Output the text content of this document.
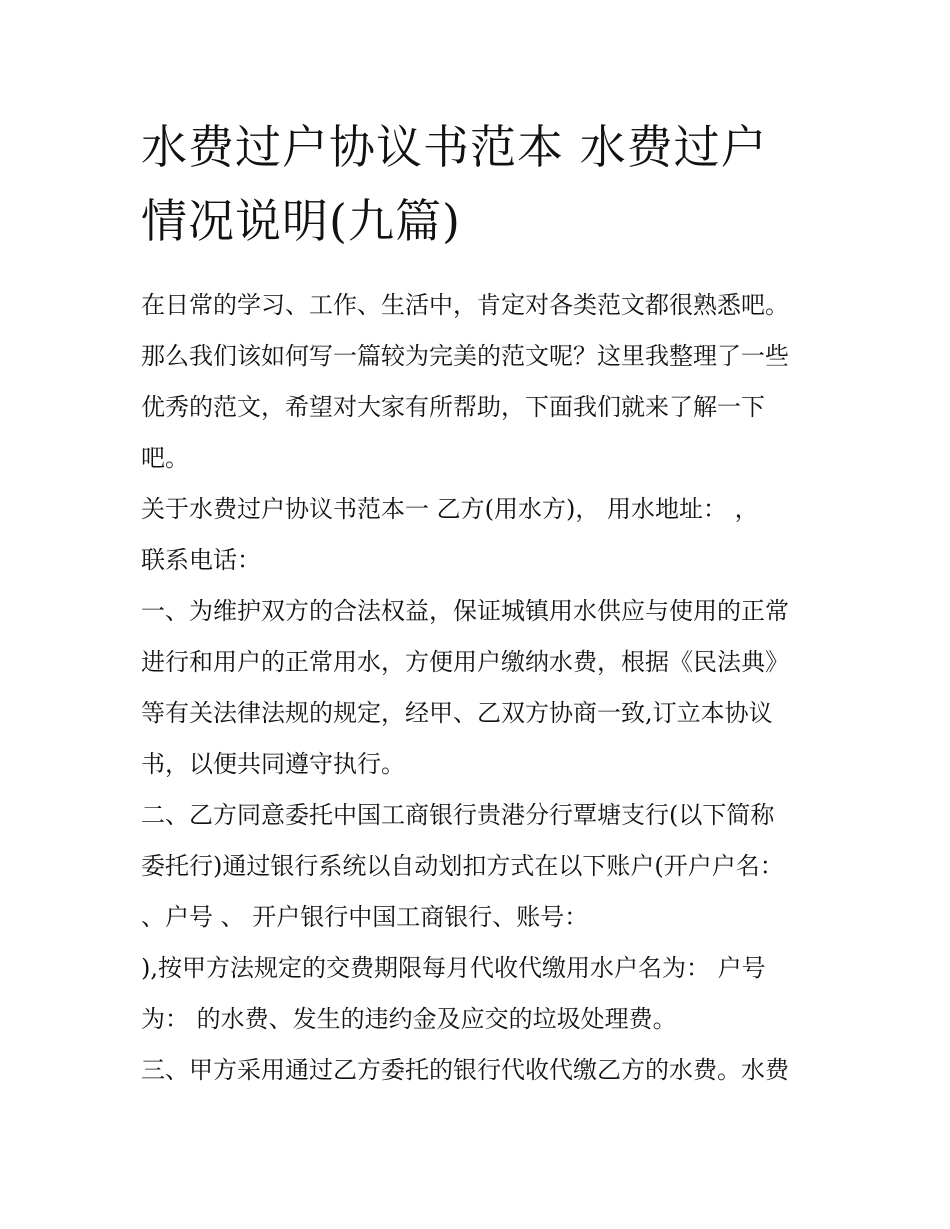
水费过户协议书范本 水费过户
情况说明(九篇)
在日常的学习、工作、生活中，肯定对各类范文都很熟悉吧。
那么我们该如何写一篇较为完美的范文呢？这里我整理了一些
优秀的范文，希望对大家有所帮助，下面我们就来了解一下
吧。
关于水费过户协议书范本一 乙方(用水方)， 用水地址： ，
联系电话：
一、为维护双方的合法权益，保证城镇用水供应与使用的正常
进行和用户的正常用水，方便用户缴纳水费，根据《民法典》
等有关法律法规的规定，经甲、乙双方协商一致,订立本协议
书，以便共同遵守执行。
二、乙方同意委托中国工商银行贵港分行覃塘支行(以下简称
委托行)通过银行系统以自动划扣方式在以下账户(开户户名：
、户号 、 开户银行中国工商银行、账号：
),按甲方法规定的交费期限每月代收代缴用水户名为： 户号
为： 的水费、发生的违约金及应交的垃圾处理费。
三、甲方采用通过乙方委托的银行代收代缴乙方的水费。水费
